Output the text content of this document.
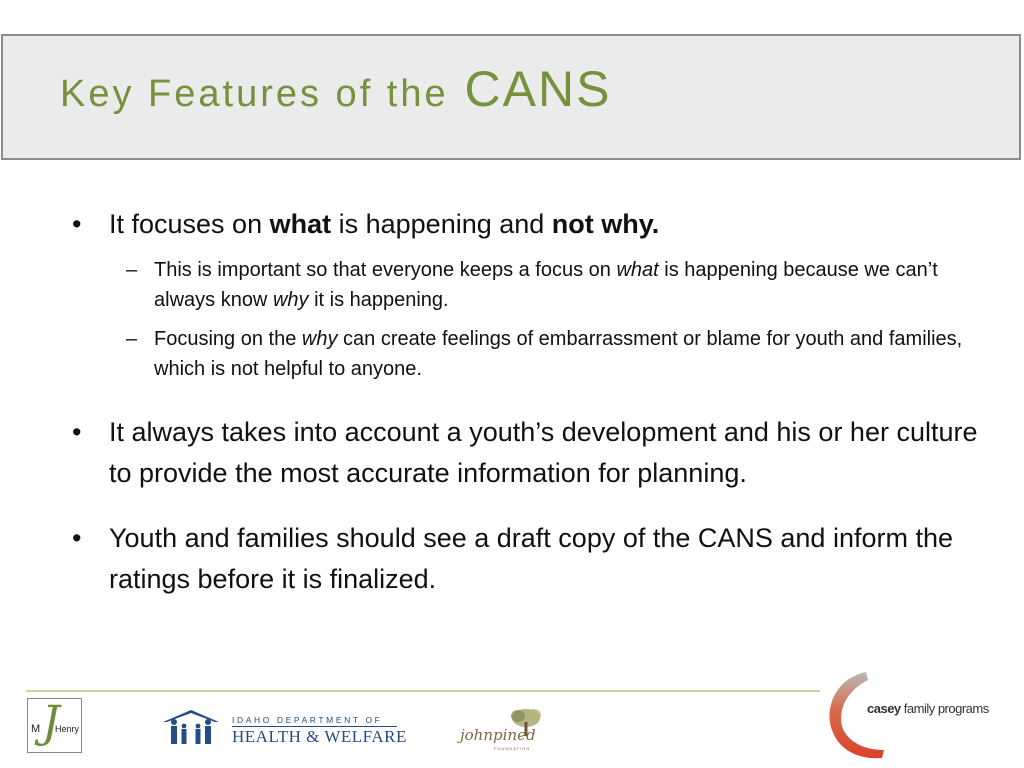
Key Features of the CANS
•	It focuses on what is happening and not why.
– This is important so that everyone keeps a focus on what is happening because we can’t always know why it is happening.
– Focusing on the why can create feelings of embarrassment or blame for youth and families, which is not helpful to anyone.
•	It always takes into account a youth’s development and his or her culture to provide the most accurate information for planning.
•	Youth and families should see a draft copy of the CANS and inform the ratings before it is finalized.
J
M Henry
IDAHO DEPARTMENT OF
HEALTH & WELFARE	johnpined
FOUNDATION
casey family programs
